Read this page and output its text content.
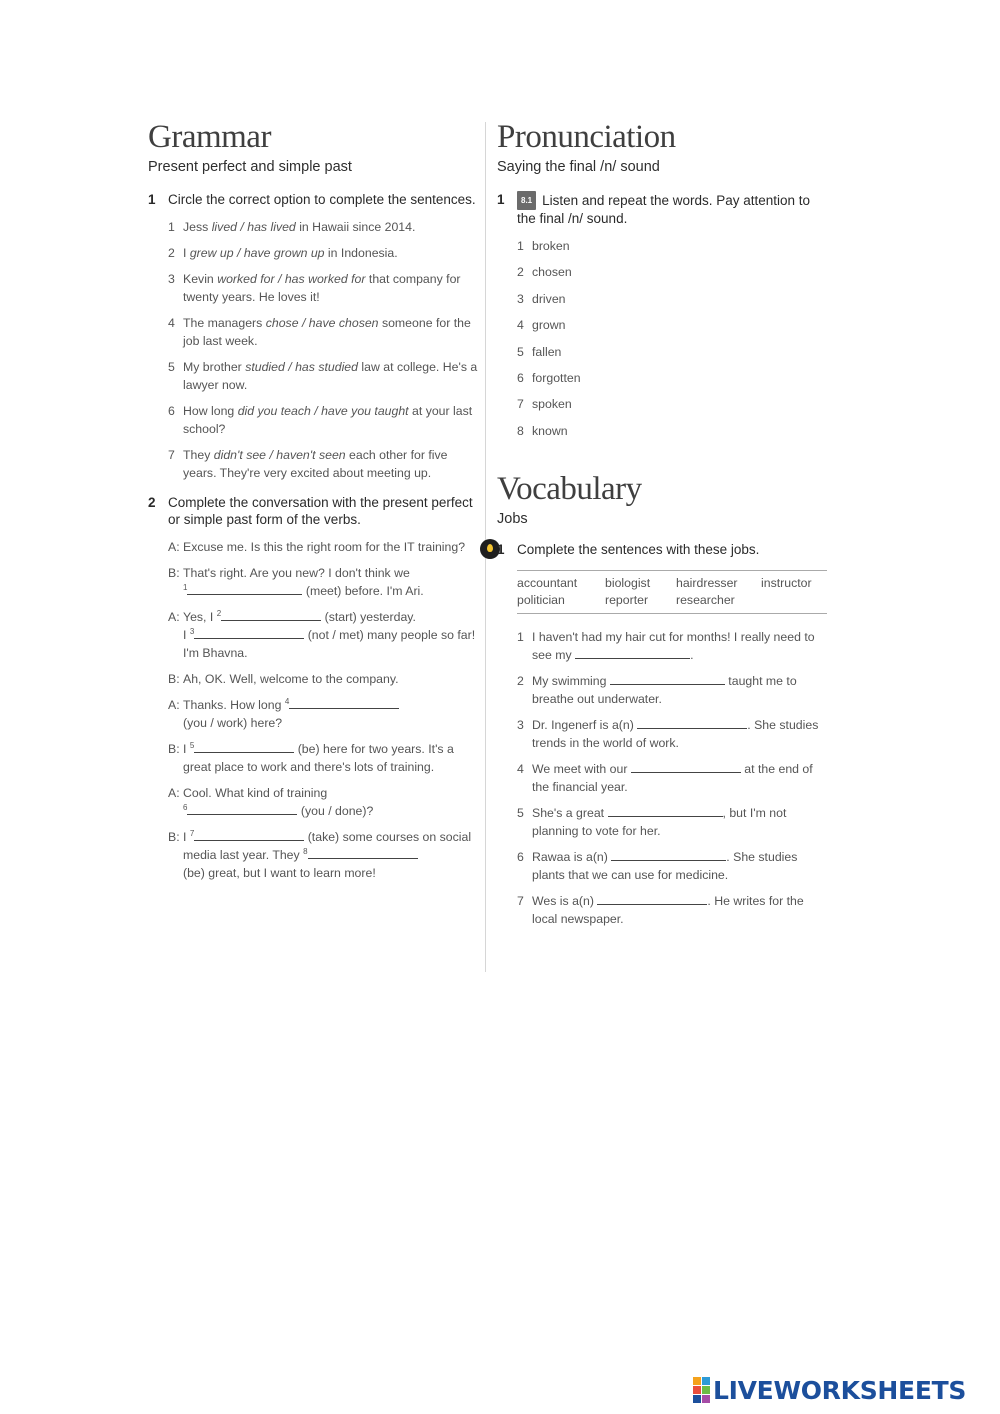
Grammar
Present perfect and simple past
1 Circle the correct option to complete the sentences.
1 Jess lived / has lived in Hawaii since 2014.
2 I grew up / have grown up in Indonesia.
3 Kevin worked for / has worked for that company for twenty years. He loves it!
4 The managers chose / have chosen someone for the job last week.
5 My brother studied / has studied law at college. He's a lawyer now.
6 How long did you teach / have you taught at your last school?
7 They didn't see / haven't seen each other for five years. They're very excited about meeting up.
2 Complete the conversation with the present perfect or simple past form of the verbs.
A: Excuse me. Is this the right room for the IT training?
B: That's right. Are you new? I don't think we
$^1$	(meet) before. I'm Ari.
A: Yes, I $^2$	(start) yesterday.
I $^3$	(not / met) many people so far! I'm Bhavna.
B: Ah, OK. Well, welcome to the company.
A: Thanks. How long $^4$
(you / work) here?
B: I $^5$	(be) here for two years. It's a great place to work and there's lots of training.
A: Cool. What kind of training
$^6$	(you / done)?
B: I $^7$	(take) some courses on social media last year. They $^8$
(be) great, but I want to learn more!
Pronunciation
Saying the final /n/ sound
1 8.1 Listen and repeat the words. Pay attention to the final /n/ sound.
1 broken
2 chosen
3 driven
4 grown
5 fallen
6 forgotten
7 spoken
8 known
Vocabulary
Jobs
1 Complete the sentences with these jobs.
accountant	biologist	hairdresser	instructor
politician	reporter	researcher
1 I haven't had my hair cut for months! I really need to see my	.
2 My swimming	taught me to breathe out underwater.
3 Dr. Ingenerf is a(n)	. She studies trends in the world of work.
4 We meet with our	at the end of the financial year.
5 She's a great	, but I'm not planning to vote for her.
6 Rawaa is a(n)	. She studies plants that we can use for medicine.
7 Wes is a(n)	. He writes for the local newspaper.
LIVEWORKSHEETS
